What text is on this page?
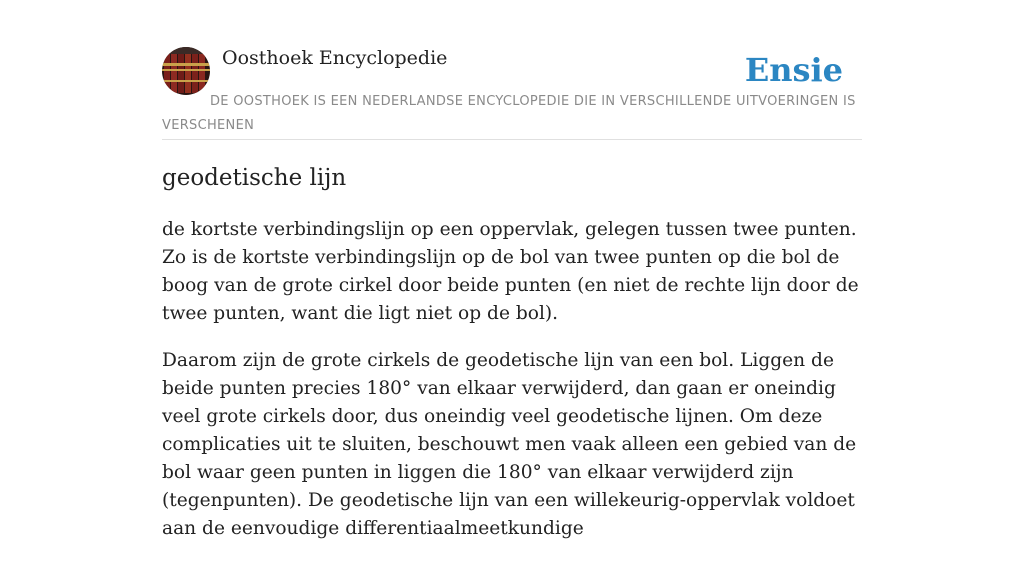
Oosthoek Encyclopedie	Ensie
DE OOSTHOEK IS EEN NEDERLANDSE ENCYCLOPEDIE DIE IN VERSCHILLENDE UITVOERINGEN IS VERSCHENEN
geodetische lijn

de kortste verbindingslijn op een oppervlak, gelegen tussen twee punten. Zo is de kortste verbindingslijn op de bol van twee punten op die bol de boog van de grote cirkel door beide punten (en niet de rechte lijn door de twee punten, want die ligt niet op de bol).

Daarom zijn de grote cirkels de geodetische lijn van een bol. Liggen de beide punten precies 180° van elkaar verwijderd, dan gaan er oneindig veel grote cirkels door, dus oneindig veel geodetische lijnen. Om deze complicaties uit te sluiten, beschouwt men vaak alleen een gebied van de bol waar geen punten in liggen die 180° van elkaar verwijderd zijn (tegenpunten). De geodetische lijn van een willekeurig-oppervlak voldoet aan de eenvoudige differentiaalmeetkundige
